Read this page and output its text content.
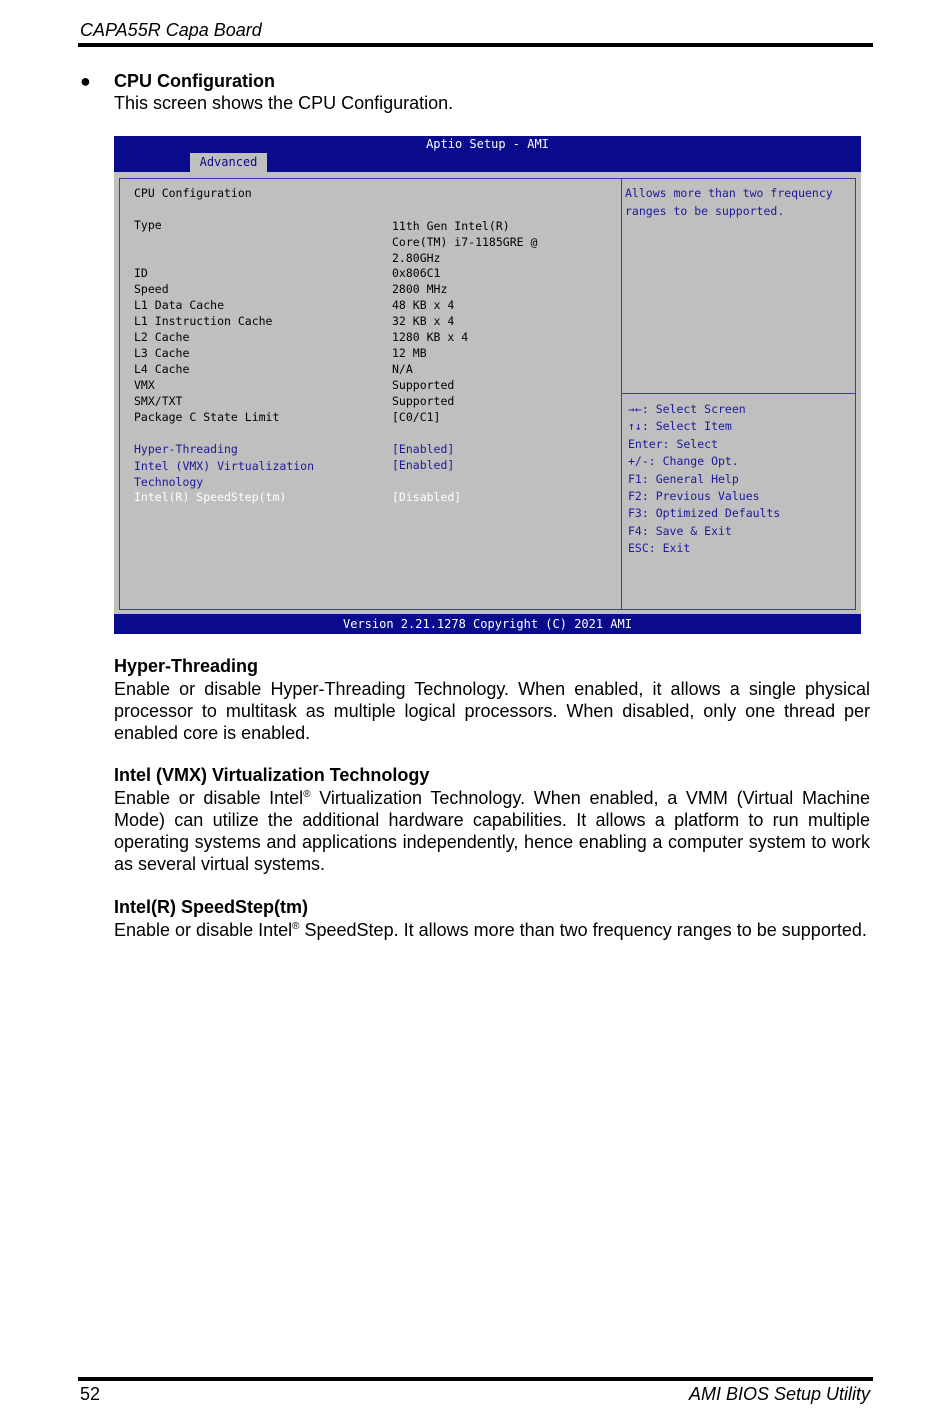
CAPA55R Capa Board
● CPU Configuration
This screen shows the CPU Configuration.
Aptio Setup - AMI
Advanced
CPU Configuration
Type	11th Gen Intel(R)
Core(TM) i7-1185GRE @
2.80GHz
ID	0x806C1
Speed	2800 MHz
L1 Data Cache	48 KB x 4
L1 Instruction Cache	32 KB x 4
L2 Cache	1280 KB x 4
L3 Cache	12 MB
L4 Cache	N/A
VMX	Supported
SMX/TXT	Supported
Package C State Limit	[C0/C1]
Hyper-Threading	[Enabled]
Intel (VMX) Virtualization
Technology
[Enabled]
Intel(R) SpeedStep(tm)	[Disabled]
Allows more than two frequency ranges to be supported.
→←: Select Screen
↑↓: Select Item
Enter: Select
+/-: Change Opt.
F1: General Help
F2: Previous Values
F3: Optimized Defaults
F4: Save & Exit
ESC: Exit
Version 2.21.1278 Copyright (C) 2021 AMI
Hyper-Threading
Enable or disable Hyper-Threading Technology. When enabled, it allows a single physical processor to multitask as multiple logical processors. When disabled, only one thread per enabled core is enabled.
Intel (VMX) Virtualization Technology
Enable or disable Intel® Virtualization Technology. When enabled, a VMM (Virtual Machine Mode) can utilize the additional hardware capabilities. It allows a platform to run multiple operating systems and applications independently, hence enabling a computer system to work as several virtual systems.
Intel(R) SpeedStep(tm)
Enable or disable Intel® SpeedStep. It allows more than two frequency ranges to be supported.
52	AMI BIOS Setup Utility
